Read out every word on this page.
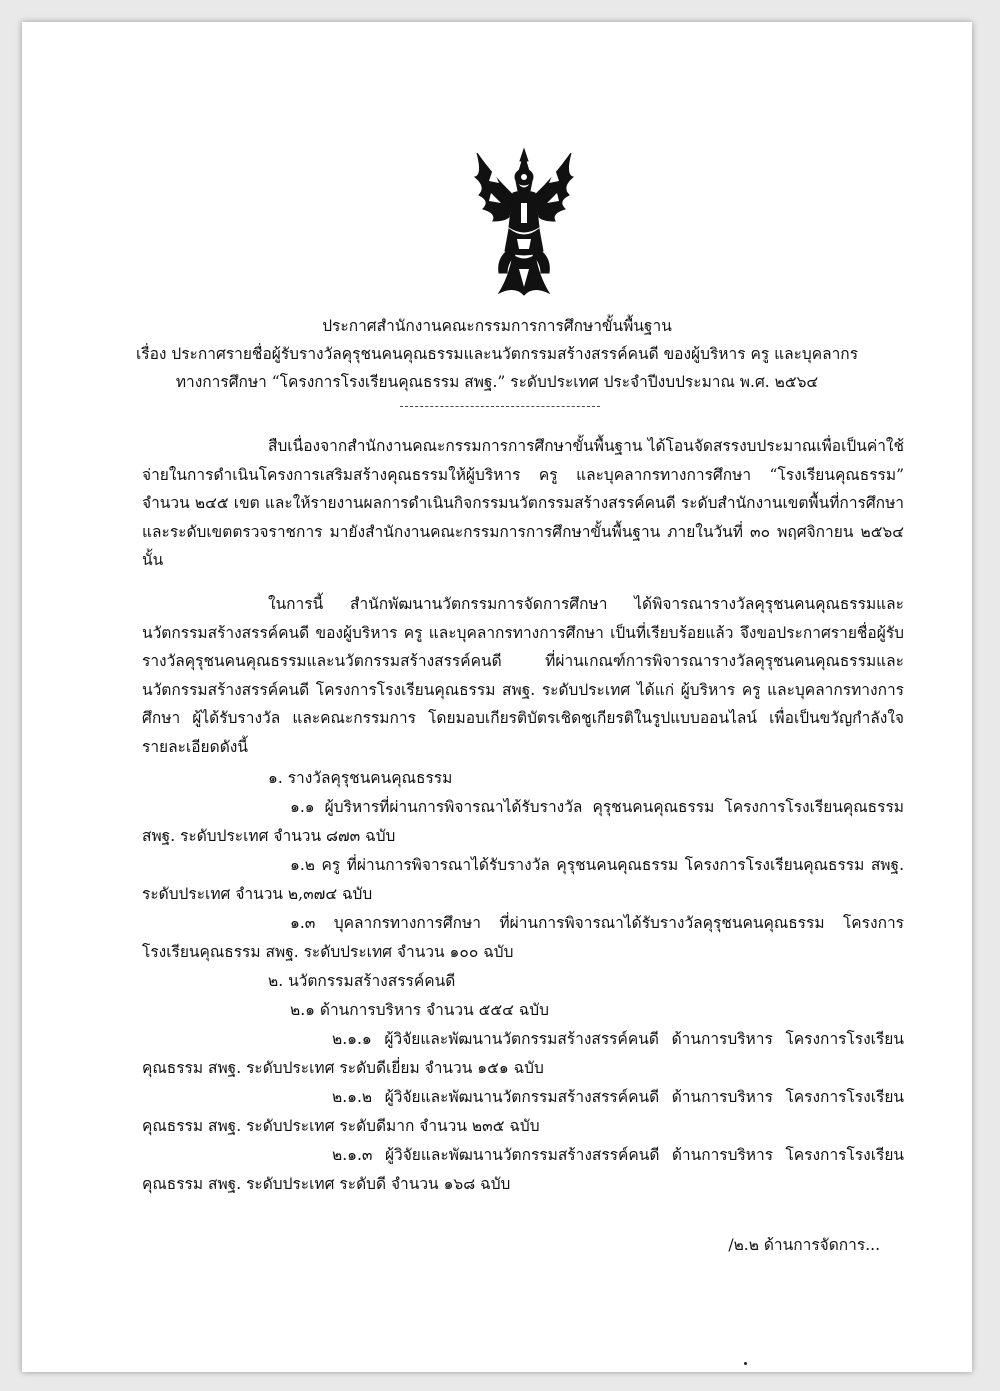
ประกาศสำนักงานคณะกรรมการการศึกษาขั้นพื้นฐาน
เรื่อง ประกาศรายชื่อผู้รับรางวัลคุรุชนคนคุณธรรมและนวัตกรรมสร้างสรรค์คนดี ของผู้บริหาร ครู และบุคลากร
ทางการศึกษา “โครงการโรงเรียนคุณธรรม สพฐ.” ระดับประเทศ ประจำปีงบประมาณ พ.ศ. ๒๕๖๔

สืบเนื่องจากสำนักงานคณะกรรมการการศึกษาขั้นพื้นฐาน ได้โอนจัดสรรงบประมาณเพื่อเป็นค่าใช้จ่ายในการดำเนินโครงการเสริมสร้างคุณธรรมให้ผู้บริหาร ครู และบุคลากรทางการศึกษา “โรงเรียนคุณธรรม” จำนวน ๒๔๕ เขต และให้รายงานผลการดำเนินกิจกรรมนวัตกรรมสร้างสรรค์คนดี ระดับสำนักงานเขตพื้นที่การศึกษา และระดับเขตตรวจราชการ มายังสำนักงานคณะกรรมการการศึกษาขั้นพื้นฐาน ภายในวันที่ ๓๐ พฤศจิกายน ๒๕๖๔ นั้น

ในการนี้ สำนักพัฒนานวัตกรรมการจัดการศึกษา ได้พิจารณารางวัลคุรุชนคนคุณธรรมและนวัตกรรมสร้างสรรค์คนดี ของผู้บริหาร ครู และบุคลากรทางการศึกษา เป็นที่เรียบร้อยแล้ว จึงขอประกาศรายชื่อผู้รับรางวัลคุรุชนคนคุณธรรมและนวัตกรรมสร้างสรรค์คนดี ที่ผ่านเกณฑ์การพิจารณารางวัลคุรุชนคนคุณธรรมและนวัตกรรมสร้างสรรค์คนดี โครงการโรงเรียนคุณธรรม สพฐ. ระดับประเทศ ได้แก่ ผู้บริหาร ครู และบุคลากรทางการศึกษา ผู้ได้รับรางวัล และคณะกรรมการ โดยมอบเกียรติบัตรเชิดชูเกียรติในรูปแบบออนไลน์ เพื่อเป็นขวัญกำลังใจ รายละเอียดดังนี้

๑. รางวัลคุรุชนคนคุณธรรม

๑.๑ ผู้บริหารที่ผ่านการพิจารณาได้รับรางวัล คุรุชนคนคุณธรรม โครงการโรงเรียนคุณธรรม สพฐ. ระดับประเทศ จำนวน ๘๗๓ ฉบับ

๑.๒ ครู ที่ผ่านการพิจารณาได้รับรางวัล คุรุชนคนคุณธรรม โครงการโรงเรียนคุณธรรม สพฐ. ระดับประเทศ จำนวน ๒,๓๗๔ ฉบับ

๑.๓ บุคลากรทางการศึกษา ที่ผ่านการพิจารณาได้รับรางวัลคุรุชนคนคุณธรรม โครงการโรงเรียนคุณธรรม สพฐ. ระดับประเทศ จำนวน ๑๐๐ ฉบับ

๒. นวัตกรรมสร้างสรรค์คนดี

๒.๑ ด้านการบริหาร จำนวน ๕๕๔ ฉบับ

๒.๑.๑ ผู้วิจัยและพัฒนานวัตกรรมสร้างสรรค์คนดี ด้านการบริหาร โครงการโรงเรียนคุณธรรม สพฐ. ระดับประเทศ ระดับดีเยี่ยม จำนวน ๑๕๑ ฉบับ

๒.๑.๒ ผู้วิจัยและพัฒนานวัตกรรมสร้างสรรค์คนดี ด้านการบริหาร โครงการโรงเรียนคุณธรรม สพฐ. ระดับประเทศ ระดับดีมาก จำนวน ๒๓๕ ฉบับ

๒.๑.๓ ผู้วิจัยและพัฒนานวัตกรรมสร้างสรรค์คนดี ด้านการบริหาร โครงการโรงเรียนคุณธรรม สพฐ. ระดับประเทศ ระดับดี จำนวน ๑๖๘ ฉบับ

/๒.๒ ด้านการจัดการ...
